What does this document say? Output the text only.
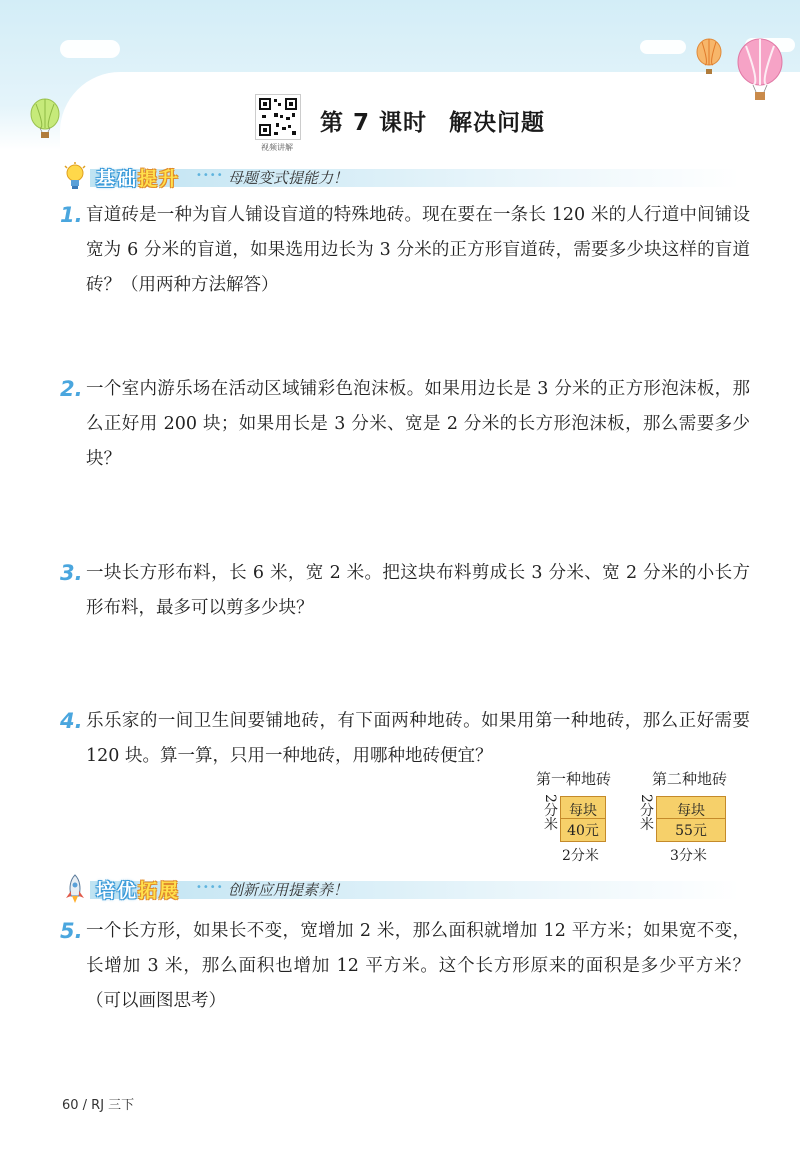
视频讲解
第 7 课时 解决问题
基础提升 •••• 母题变式提能力！
1. 盲道砖是一种为盲人铺设盲道的特殊地砖。现在要在一条长 120 米的人行道中间铺设宽为 6 分米的盲道，如果选用边长为 3 分米的正方形盲道砖，需要多少块这样的盲道砖？（用两种方法解答）
2. 一个室内游乐场在活动区域铺彩色泡沫板。如果用边长是 3 分米的正方形泡沫板，那么正好用 200 块；如果用长是 3 分米、宽是 2 分米的长方形泡沫板，那么需要多少块？
3. 一块长方形布料，长 6 米，宽 2 米。把这块布料剪成长 3 分米、宽 2 分米的小长方形布料，最多可以剪多少块？
4. 乐乐家的一间卫生间要铺地砖，有下面两种地砖。如果用第一种地砖，那么正好需要 120 块。算一算，只用一种地砖，用哪种地砖便宜？
第一种地砖	第二种地砖
2分米 每块
40元
2分米
2分米	每块
55元
3分米
培优拓展 •••• 创新应用提素养！
5. 一个长方形，如果长不变，宽增加 2 米，那么面积就增加 12 平方米；如果宽不变，长增加 3 米，那么面积也增加 12 平方米。这个长方形原来的面积是多少平方米？（可以画图思考）
60 / RJ 三下
